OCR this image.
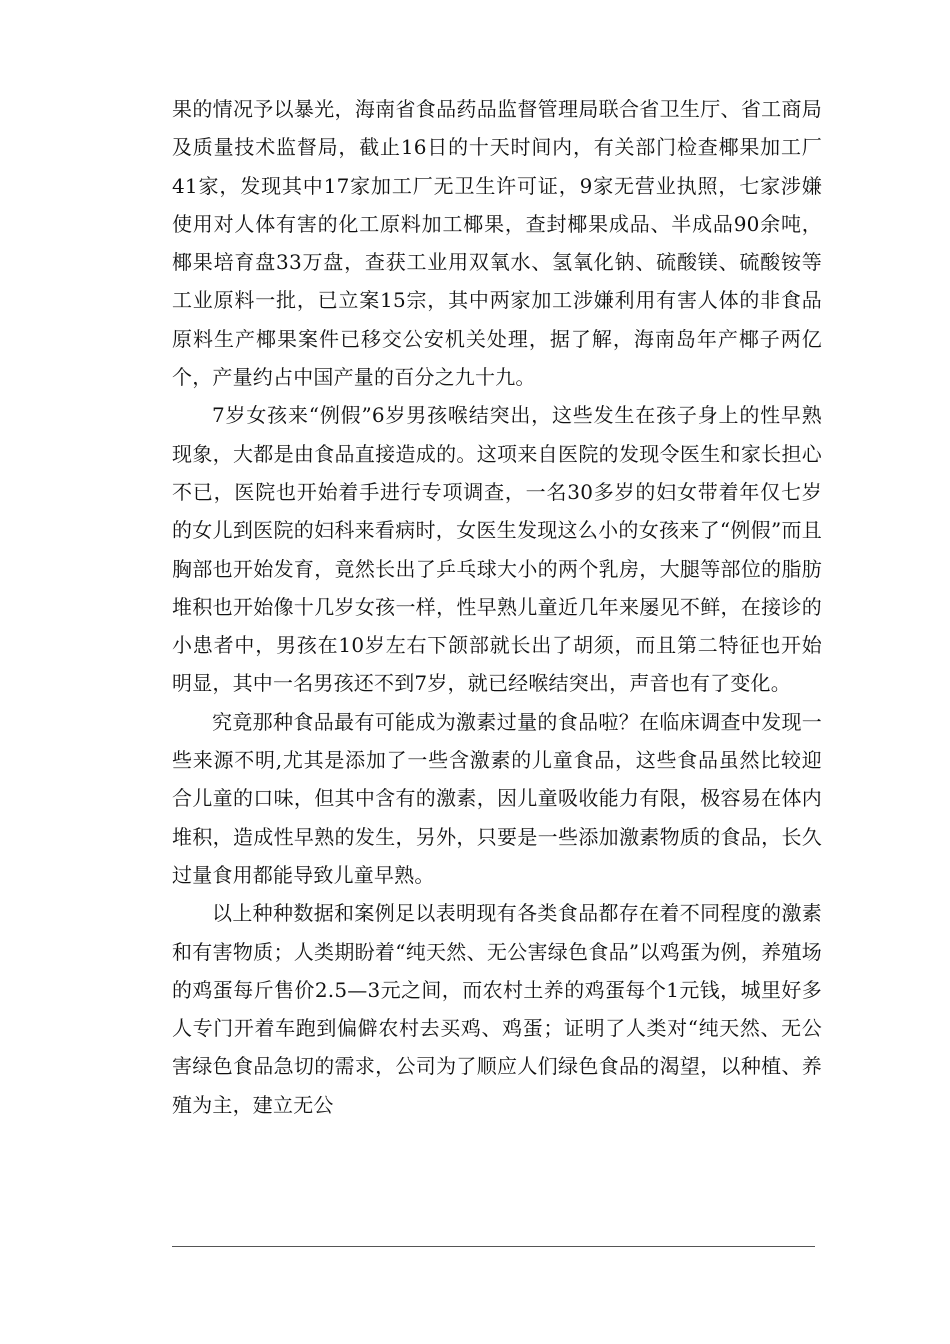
果的情况予以暴光，海南省食品药品监督管理局联合省卫生厅、省工商局及质量技术监督局，截止16日的十天时间内，有关部门检查椰果加工厂41家，发现其中17家加工厂无卫生许可证，9家无营业执照，七家涉嫌使用对人体有害的化工原料加工椰果，查封椰果成品、半成品90余吨，椰果培育盘33万盘，查获工业用双氧水、氢氧化钠、硫酸镁、硫酸铵等工业原料一批，已立案15宗，其中两家加工涉嫌利用有害人体的非食品原料生产椰果案件已移交公安机关处理，据了解，海南岛年产椰子两亿个，产量约占中国产量的百分之九十九。

7岁女孩来“例假”6岁男孩喉结突出，这些发生在孩子身上的性早熟现象，大都是由食品直接造成的。这项来自医院的发现令医生和家长担心不已，医院也开始着手进行专项调查，一名30多岁的妇女带着年仅七岁的女儿到医院的妇科来看病时，女医生发现这么小的女孩来了“例假”而且胸部也开始发育，竟然长出了乒乓球大小的两个乳房，大腿等部位的脂肪堆积也开始像十几岁女孩一样，性早熟儿童近几年来屡见不鲜，在接诊的小患者中，男孩在10岁左右下颌部就长出了胡须，而且第二特征也开始明显，其中一名男孩还不到7岁，就已经喉结突出，声音也有了变化。

究竟那种食品最有可能成为激素过量的食品啦？在临床调查中发现一些来源不明,尤其是添加了一些含激素的儿童食品，这些食品虽然比较迎合儿童的口味，但其中含有的激素，因儿童吸收能力有限，极容易在体内堆积，造成性早熟的发生，另外，只要是一些添加激素物质的食品，长久过量食用都能导致儿童早熟。

以上种种数据和案例足以表明现有各类食品都存在着不同程度的激素和有害物质；人类期盼着“纯天然、无公害绿色食品”以鸡蛋为例，养殖场的鸡蛋每斤售价2.5—3元之间，而农村土养的鸡蛋每个1元钱，城里好多人专门开着车跑到偏僻农村去买鸡、鸡蛋；证明了人类对“纯天然、无公害绿色食品急切的需求，公司为了顺应人们绿色食品的渴望，以种植、养殖为主，建立无公
